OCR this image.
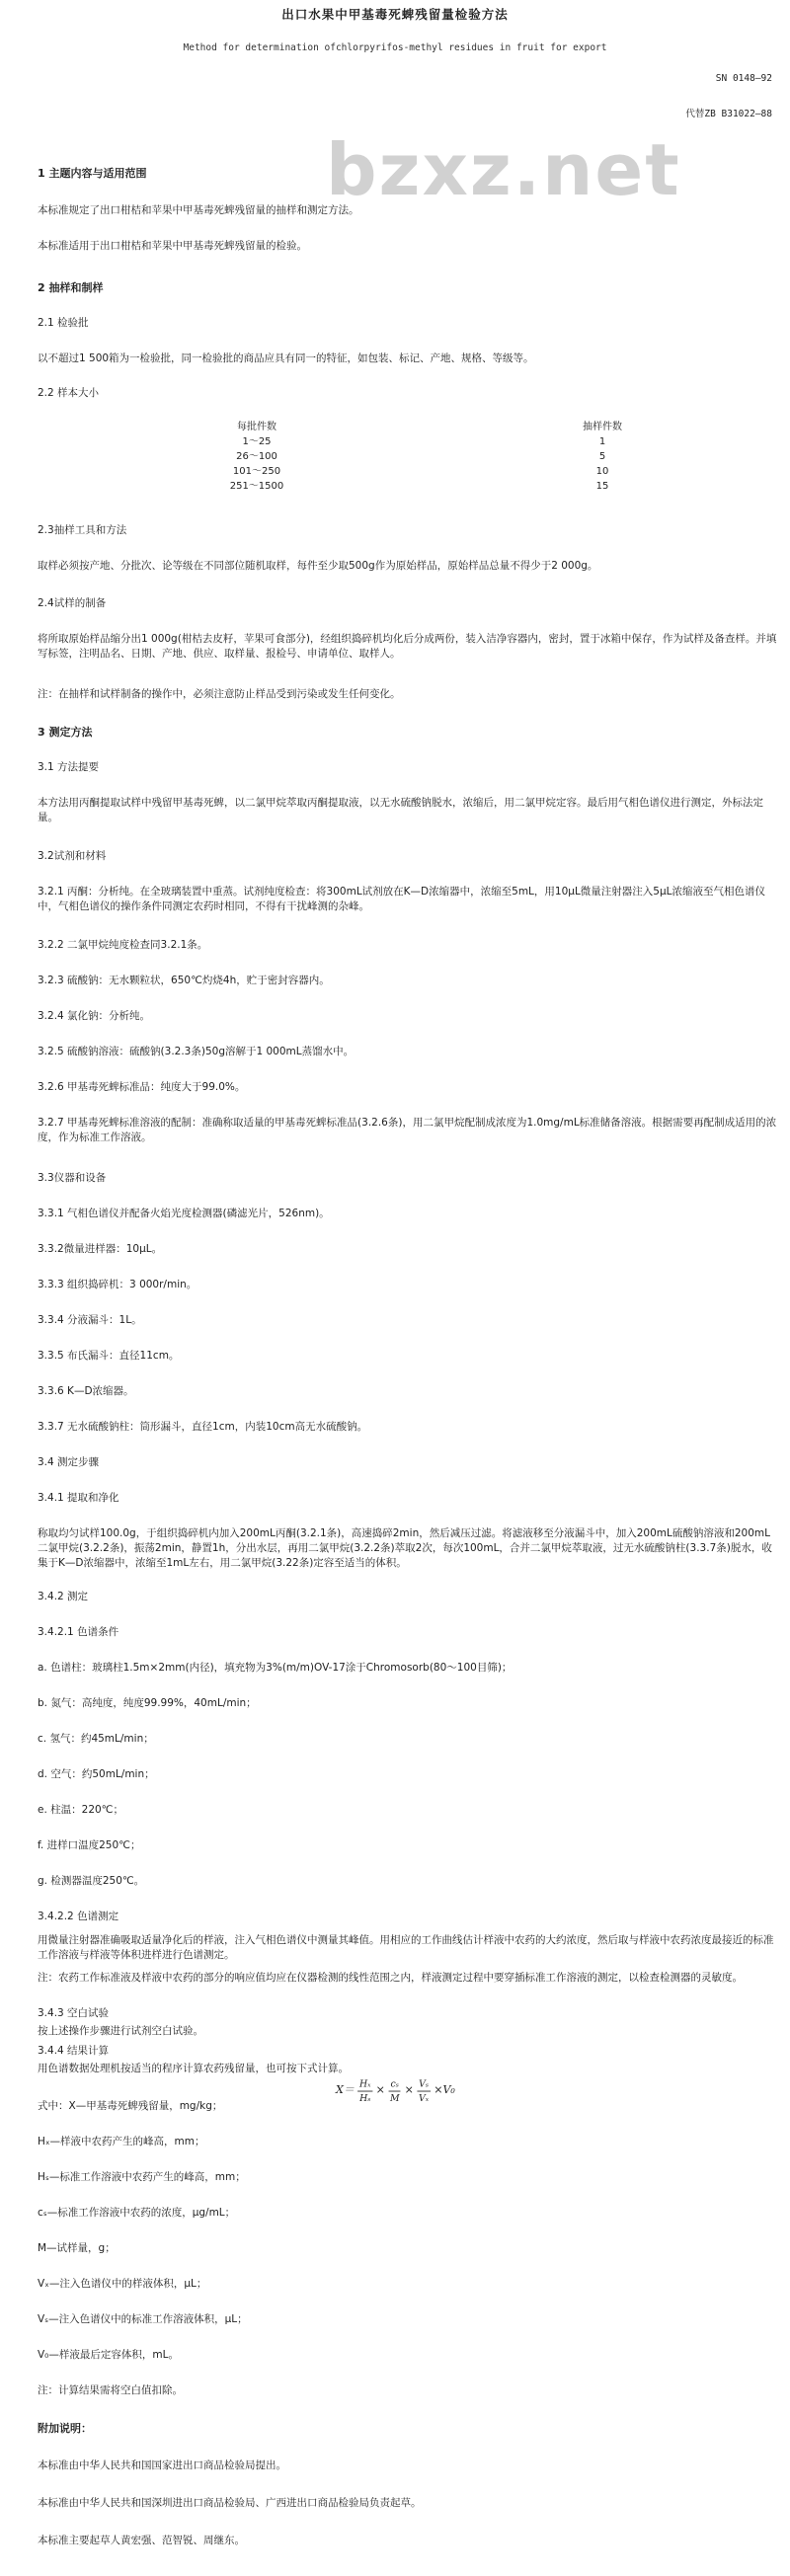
出口水果中甲基毒死蜱残留量检验方法
Method for determination ofchlorpyrifos-methyl residues in fruit for export
SN 0148—92
bzxz.net
代替ZB B31022—88
1 主题内容与适用范围
本标准规定了出口柑桔和苹果中甲基毒死蜱残留量的抽样和测定方法。
本标准适用于出口柑桔和苹果中甲基毒死蜱残留量的检验。
2 抽样和制样
2.1 检验批
以不超过1 500箱为一检验批，同一检验批的商品应具有同一的特征，如包装、标记、产地、规格、等级等。
2.2 样本大小
每批件数	抽样件数
1～25	1
26～100	5
101～250	10
251～1500	15
2.3抽样工具和方法
取样必须按产地、分批次、论等级在不同部位随机取样，每件至少取500g作为原始样品，原始样品总量不得少于2 000g。
2.4试样的制备
将所取原始样品缩分出1 000g(柑桔去皮籽，苹果可食部分)，经组织捣碎机均化后分成两份，装入洁净容器内，密封，置于冰箱中保存，作为试样及备查样。并填写标签，注明品名、日期、产地、供应、取样量、报检号、申请单位、取样人。
注：在抽样和试样制备的操作中，必须注意防止样品受到污染或发生任何变化。
3 测定方法
3.1 方法提要
本方法用丙酮提取试样中残留甲基毒死蜱，以二氯甲烷萃取丙酮提取液，以无水硫酸钠脱水，浓缩后，用二氯甲烷定容。最后用气相色谱仪进行测定，外标法定量。
3.2试剂和材料
3.2.1 丙酮：分析纯。在全玻璃装置中重蒸。试剂纯度检查：将300mL试剂放在K—D浓缩器中，浓缩至5mL，用10μL微量注射器注入5μL浓缩液至气相色谱仪中，气相色谱仪的操作条件同测定农药时相同，不得有干扰峰测的杂峰。
3.2.2 二氯甲烷纯度检查同3.2.1条。
3.2.3 硫酸钠：无水颗粒状，650℃灼烧4h，贮于密封容器内。
3.2.4 氯化钠：分析纯。
3.2.5 硫酸钠溶液：硫酸钠(3.2.3条)50g溶解于1 000mL蒸馏水中。
3.2.6 甲基毒死蜱标准品：纯度大于99.0%。
3.2.7 甲基毒死蜱标准溶液的配制：准确称取适量的甲基毒死蜱标准品(3.2.6条)，用二氯甲烷配制成浓度为1.0mg/mL标准储备溶液。根据需要再配制成适用的浓度，作为标准工作溶液。
3.3仪器和设备
3.3.1 气相色谱仪并配备火焰光度检测器(磷滤光片，526nm)。
3.3.2微量进样器：10μL。
3.3.3 组织捣碎机：3 000r/min。
3.3.4 分液漏斗：1L。
3.3.5 布氏漏斗：直径11cm。
3.3.6 K—D浓缩器。
3.3.7 无水硫酸钠柱：筒形漏斗，直径1cm，内装10cm高无水硫酸钠。
3.4 测定步骤
3.4.1 提取和净化
称取均匀试样100.0g，于组织捣碎机内加入200mL丙酮(3.2.1条)，高速捣碎2min，然后减压过滤。将滤液移至分液漏斗中，加入200mL硫酸钠溶液和200mL二氯甲烷(3.2.2条)，振荡2min，静置1h，分出水层，再用二氯甲烷(3.2.2条)萃取2次，每次100mL，合并二氯甲烷萃取液，过无水硫酸钠柱(3.3.7条)脱水，收集于K—D浓缩器中，浓缩至1mL左右，用二氯甲烷(3.22条)定容至适当的体积。
3.4.2 测定
3.4.2.1 色谱条件
a. 色谱柱：玻璃柱1.5m×2mm(内径)，填充物为3%(m/m)OV-17涂于Chromosorb(80～100目筛)；
b. 氮气：高纯度，纯度99.99%，40mL/min；
c. 氢气：约45mL/min；
d. 空气：约50mL/min；
e. 柱温：220℃；
f. 进样口温度250℃；
g. 检测器温度250℃。
3.4.2.2 色谱测定
用微量注射器准确吸取适量净化后的样液，注入气相色谱仪中测量其峰值。用相应的工作曲线估计样液中农药的大约浓度，然后取与样液中农药浓度最接近的标准工作溶液与样液等体积进样进行色谱测定。
注：农药工作标准液及样液中农药的部分的响应值均应在仪器检测的线性范围之内，样液测定过程中要穿插标准工作溶液的测定，以检查检测器的灵敏度。
3.4.3 空白试验
按上述操作步骤进行试剂空白试验。
$X= \frac{\text{Hₓ}}{\text{Hₛ}} \times \frac{\text{cₛ}}{M} \times \frac{\text{Vₛ}}{\text{Vₓ}} \times V_0$
式中：X—甲基毒死蜱残留量，mg/kg；
Hₓ—样液中农药产生的峰高，mm；
Hₛ—标准工作溶液中农药产生的峰高，mm；
cₛ—标准工作溶液中农药的浓度，μg/mL；
M—试样量，g；
Vₓ—注入色谱仪中的样液体积，μL；
Vₛ—注入色谱仪中的标准工作溶液体积，μL；
V₀—样液最后定容体积，mL。
注：计算结果需将空白值扣除。
附加说明：
本标准由中华人民共和国国家进出口商品检验局提出。
本标准由中华人民共和国深圳进出口商品检验局、广西进出口商品检验局负责起草。
本标准主要起草人黄宏强、范智锐、周继东。
3.4.4 结果计算
用色谱数据处理机按适当的程序计算农药残留量，也可按下式计算。
